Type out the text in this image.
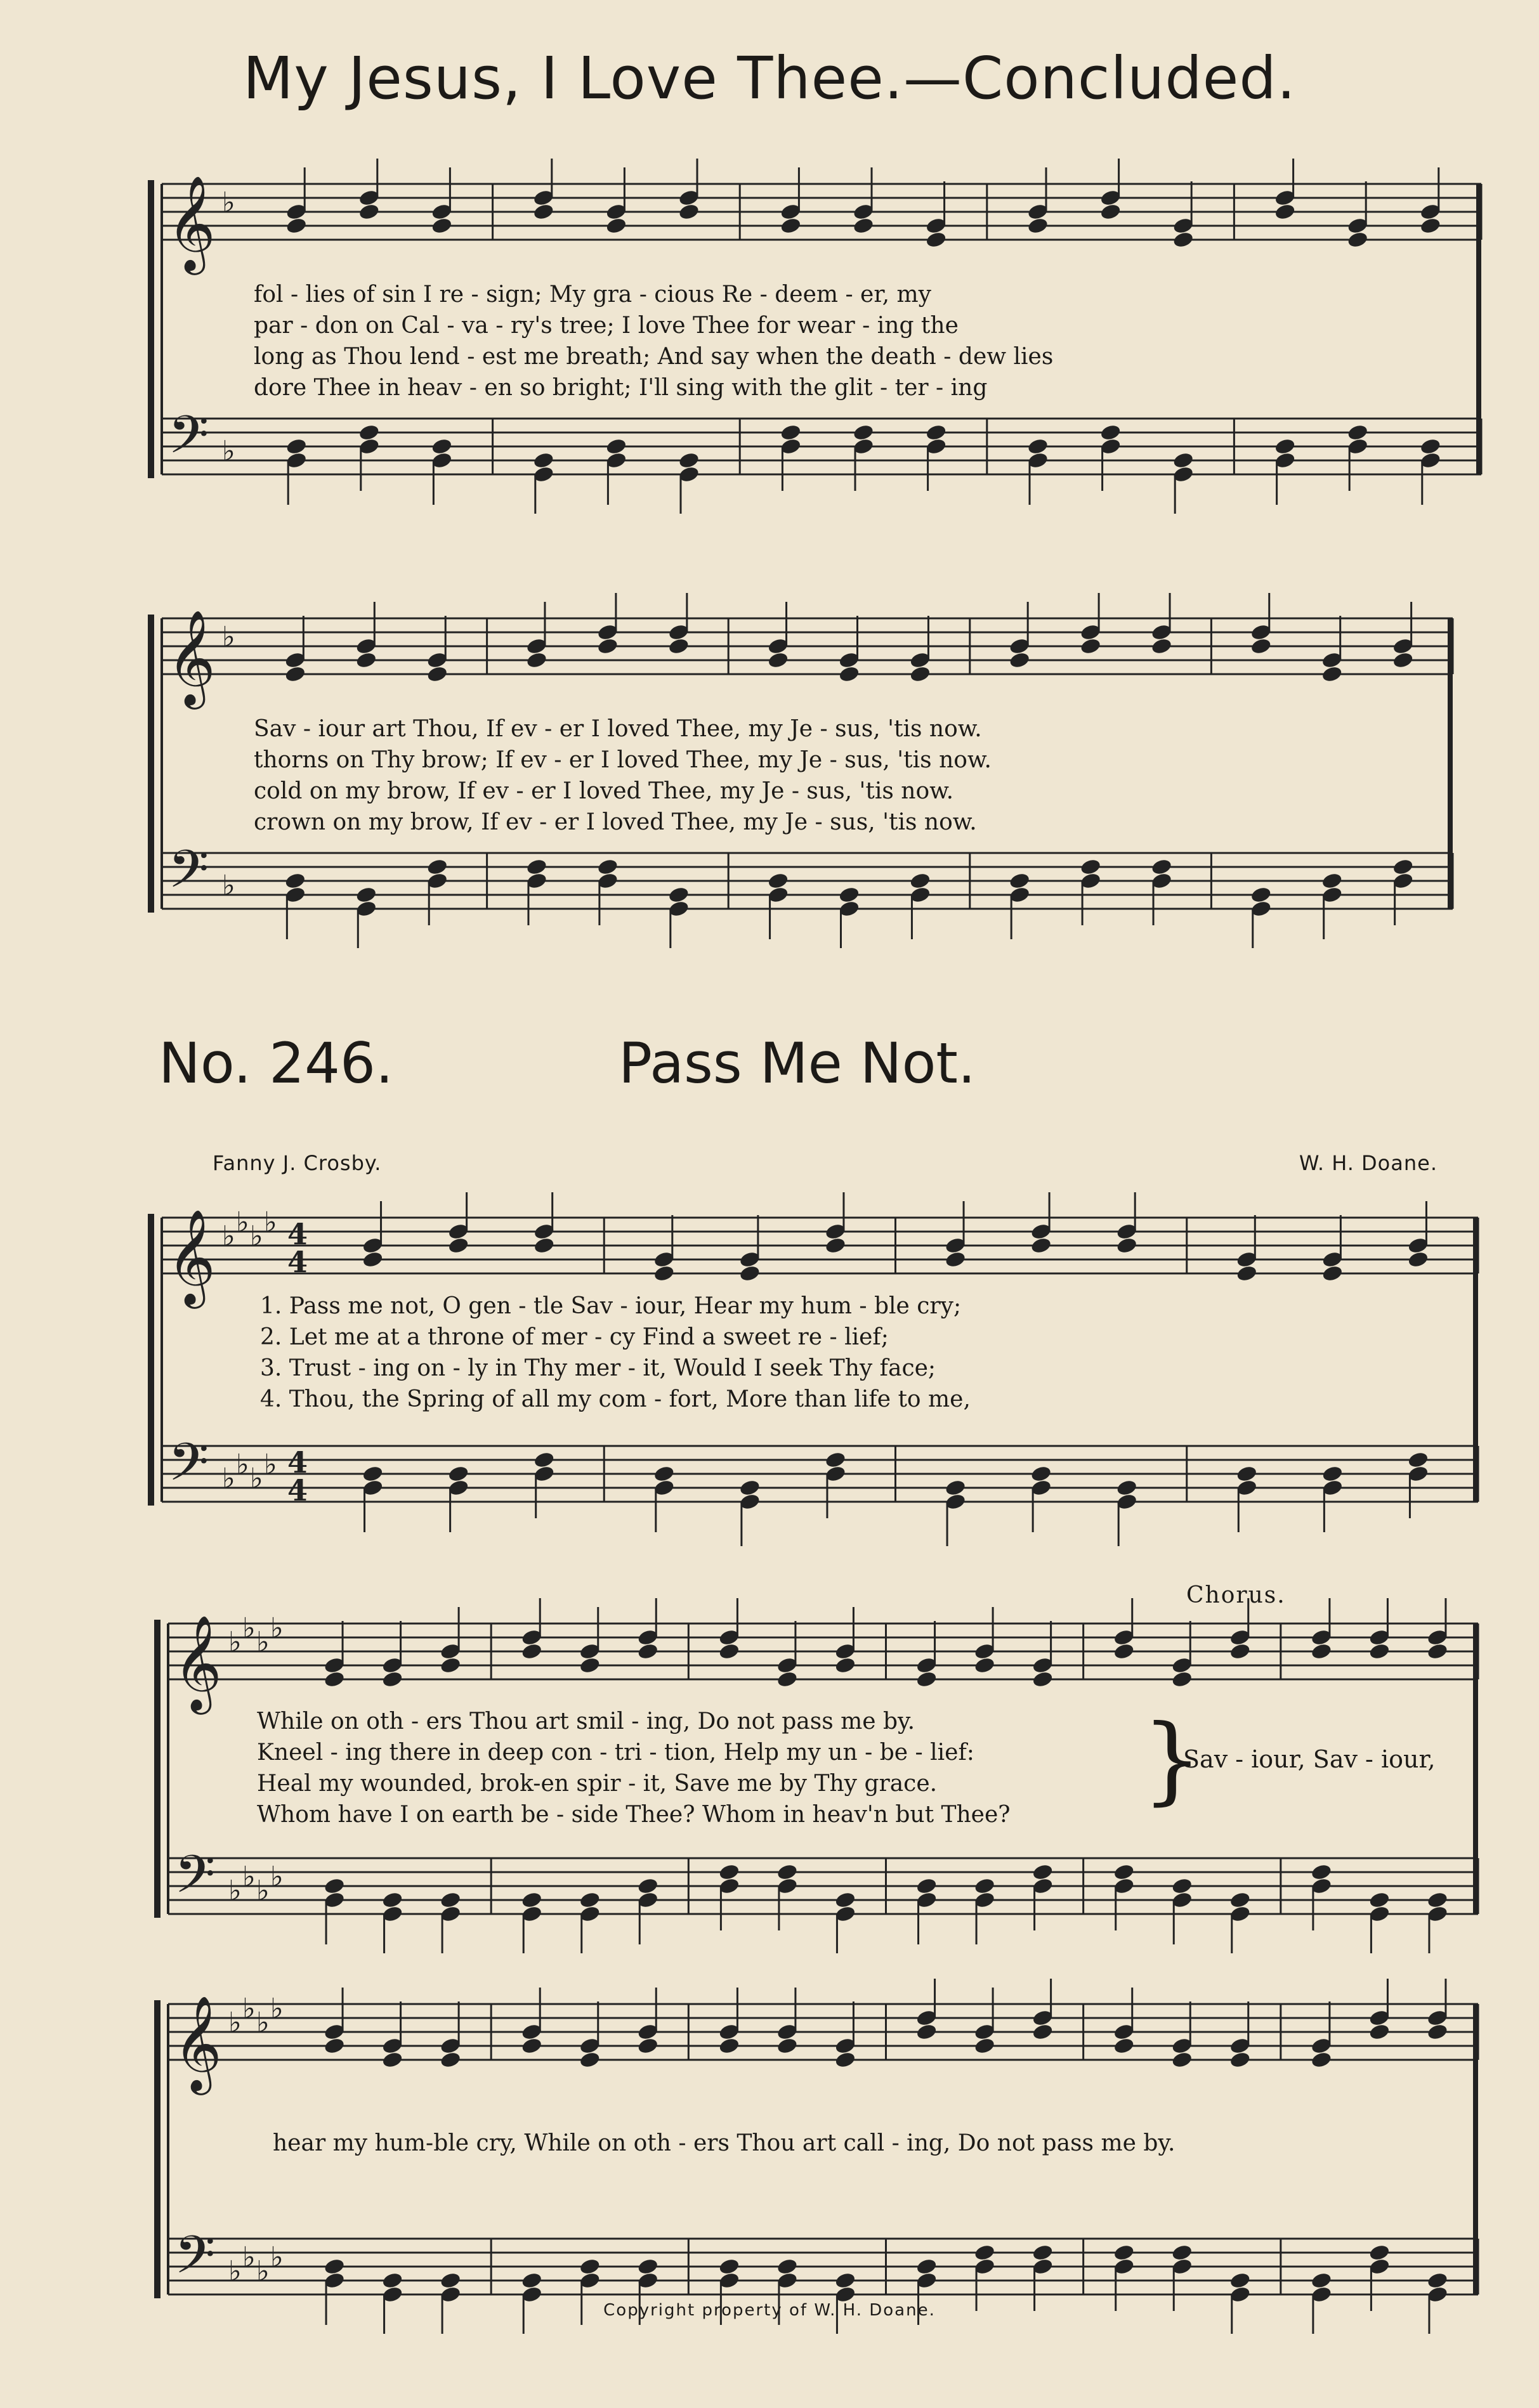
My Jesus, I Love Thee.—Concluded.
𝄞
𝄢
♭
♭
fol - lies of sin I re - sign; My gra - cious Re - deem - er, my
par - don on Cal - va - ry's tree; I love Thee for wear - ing the
long as Thou lend - est me breath; And say when the death - dew lies
dore Thee in heav - en so bright; I'll sing with the glit - ter - ing
𝄞
𝄢
♭
♭
Sav - iour art Thou, If ev - er I loved Thee, my Je - sus, 'tis now.
thorns on Thy brow; If ev - er I loved Thee, my Je - sus, 'tis now.
cold on my brow, If ev - er I loved Thee, my Je - sus, 'tis now.
crown on my brow, If ev - er I loved Thee, my Je - sus, 'tis now.
No. 246.	Pass Me Not.
Fanny J. Crosby.	W. H. Doane.
𝄞
𝄢
♭
♭
♭
♭
♭
♭
♭
♭
4
4
4
4
1. Pass me not, O gen - tle Sav - iour, Hear my hum - ble cry;
2. Let me at a throne of mer - cy Find a sweet re - lief;
3. Trust - ing on - ly in Thy mer - it, Would I seek Thy face;
4. Thou, the Spring of all my com - fort, More than life to me,
𝄞
𝄢
♭
♭
♭
♭
♭
♭
♭
♭
While on oth - ers Thou art smil - ing, Do not pass me by.
Kneel - ing there in deep con - tri - tion, Help my un - be - lief:
Heal my wounded, brok-en spir - it, Save me by Thy grace.
Whom have I on earth be - side Thee? Whom in heav'n but Thee?
Chorus.
}
Sav - iour, Sav - iour,
𝄞
𝄢
♭
♭
♭
♭
♭
♭
♭
♭
hear my hum-ble cry, While on oth - ers Thou art call - ing, Do not pass me by.
Copyright property of W. H. Doane.
